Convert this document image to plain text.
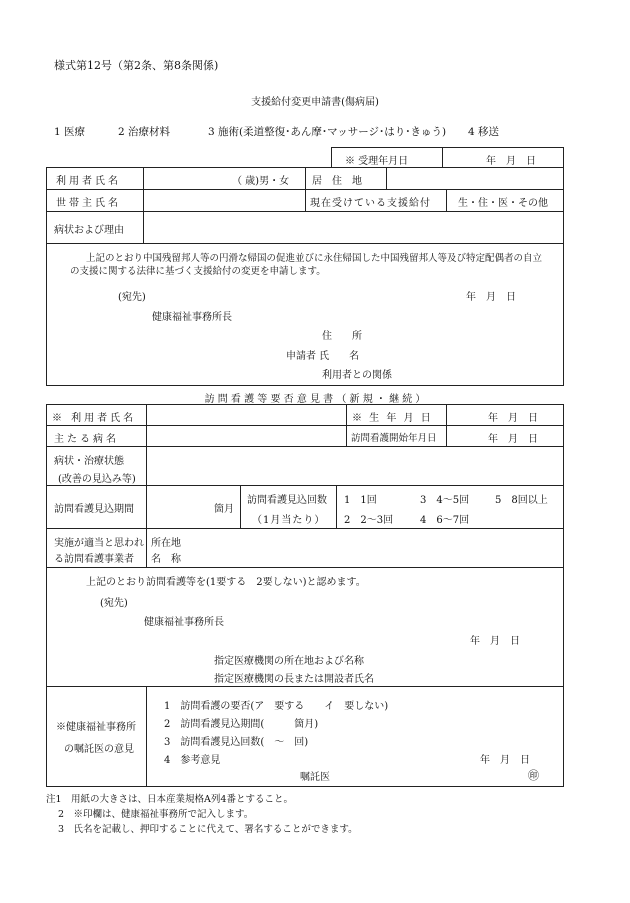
様式第12号（第2条、第8条関係)
支援給付変更申請書(傷病届)
1 医療	2 治療材料	3 施術(柔道整復･あん摩･マッサージ･はり･きゅう) 4 移送
※ 受理年月日	年　月　日
利用者氏名	（ 歳)男・女 居　住　地
世帯主氏名	現在受けている支援給付	生・住・医・その他
病状および理由
上記のとおり中国残留邦人等の円滑な帰国の促進並びに永住帰国した中国残留邦人等及び特定配偶者の自立の支援に関する法律に基づく支援給付の変更を申請します。
(宛先)	年　月　日
健康福祉事務所長
住　　所
申請者 氏　　名
利用者との関係
訪 問 看 護 等 要 否 意 見 書 （ 新 規 ・ 継 続 ）
※ 利用者氏名	※ 生 年 月 日	年　月　日
主たる病名	訪問看護開始年月日	年　月　日
病状・治療状態
(改善の見込み等)
訪問看護見込期間	箇月
訪問看護見込回数
（1月当たり）
1　1回	3　4～5回	5　8回以上
2　2～3回	4　6～7回
実施が適当と思われ
る訪問看護事業者
所在地
名　称
上記のとおり訪問看護等を(1要する　2要しない)と認めます。
(宛先)
健康福祉事務所長
年　月　日
指定医療機関の所在地および名称
指定医療機関の長または開設者氏名
※健康福祉事務所
の嘱託医の意見
1　訪問看護の要否(ア　要する　　イ　要しない)
2　訪問看護見込期間(　　　箇月)
3　訪問看護見込回数(　～　回)
4　参考意見	年　月　日
嘱託医	㊞
注1　用紙の大きさは、日本産業規格A列4番とすること。
2　※印欄は、健康福祉事務所で記入します。
3　氏名を記載し、押印することに代えて、署名することができます。
